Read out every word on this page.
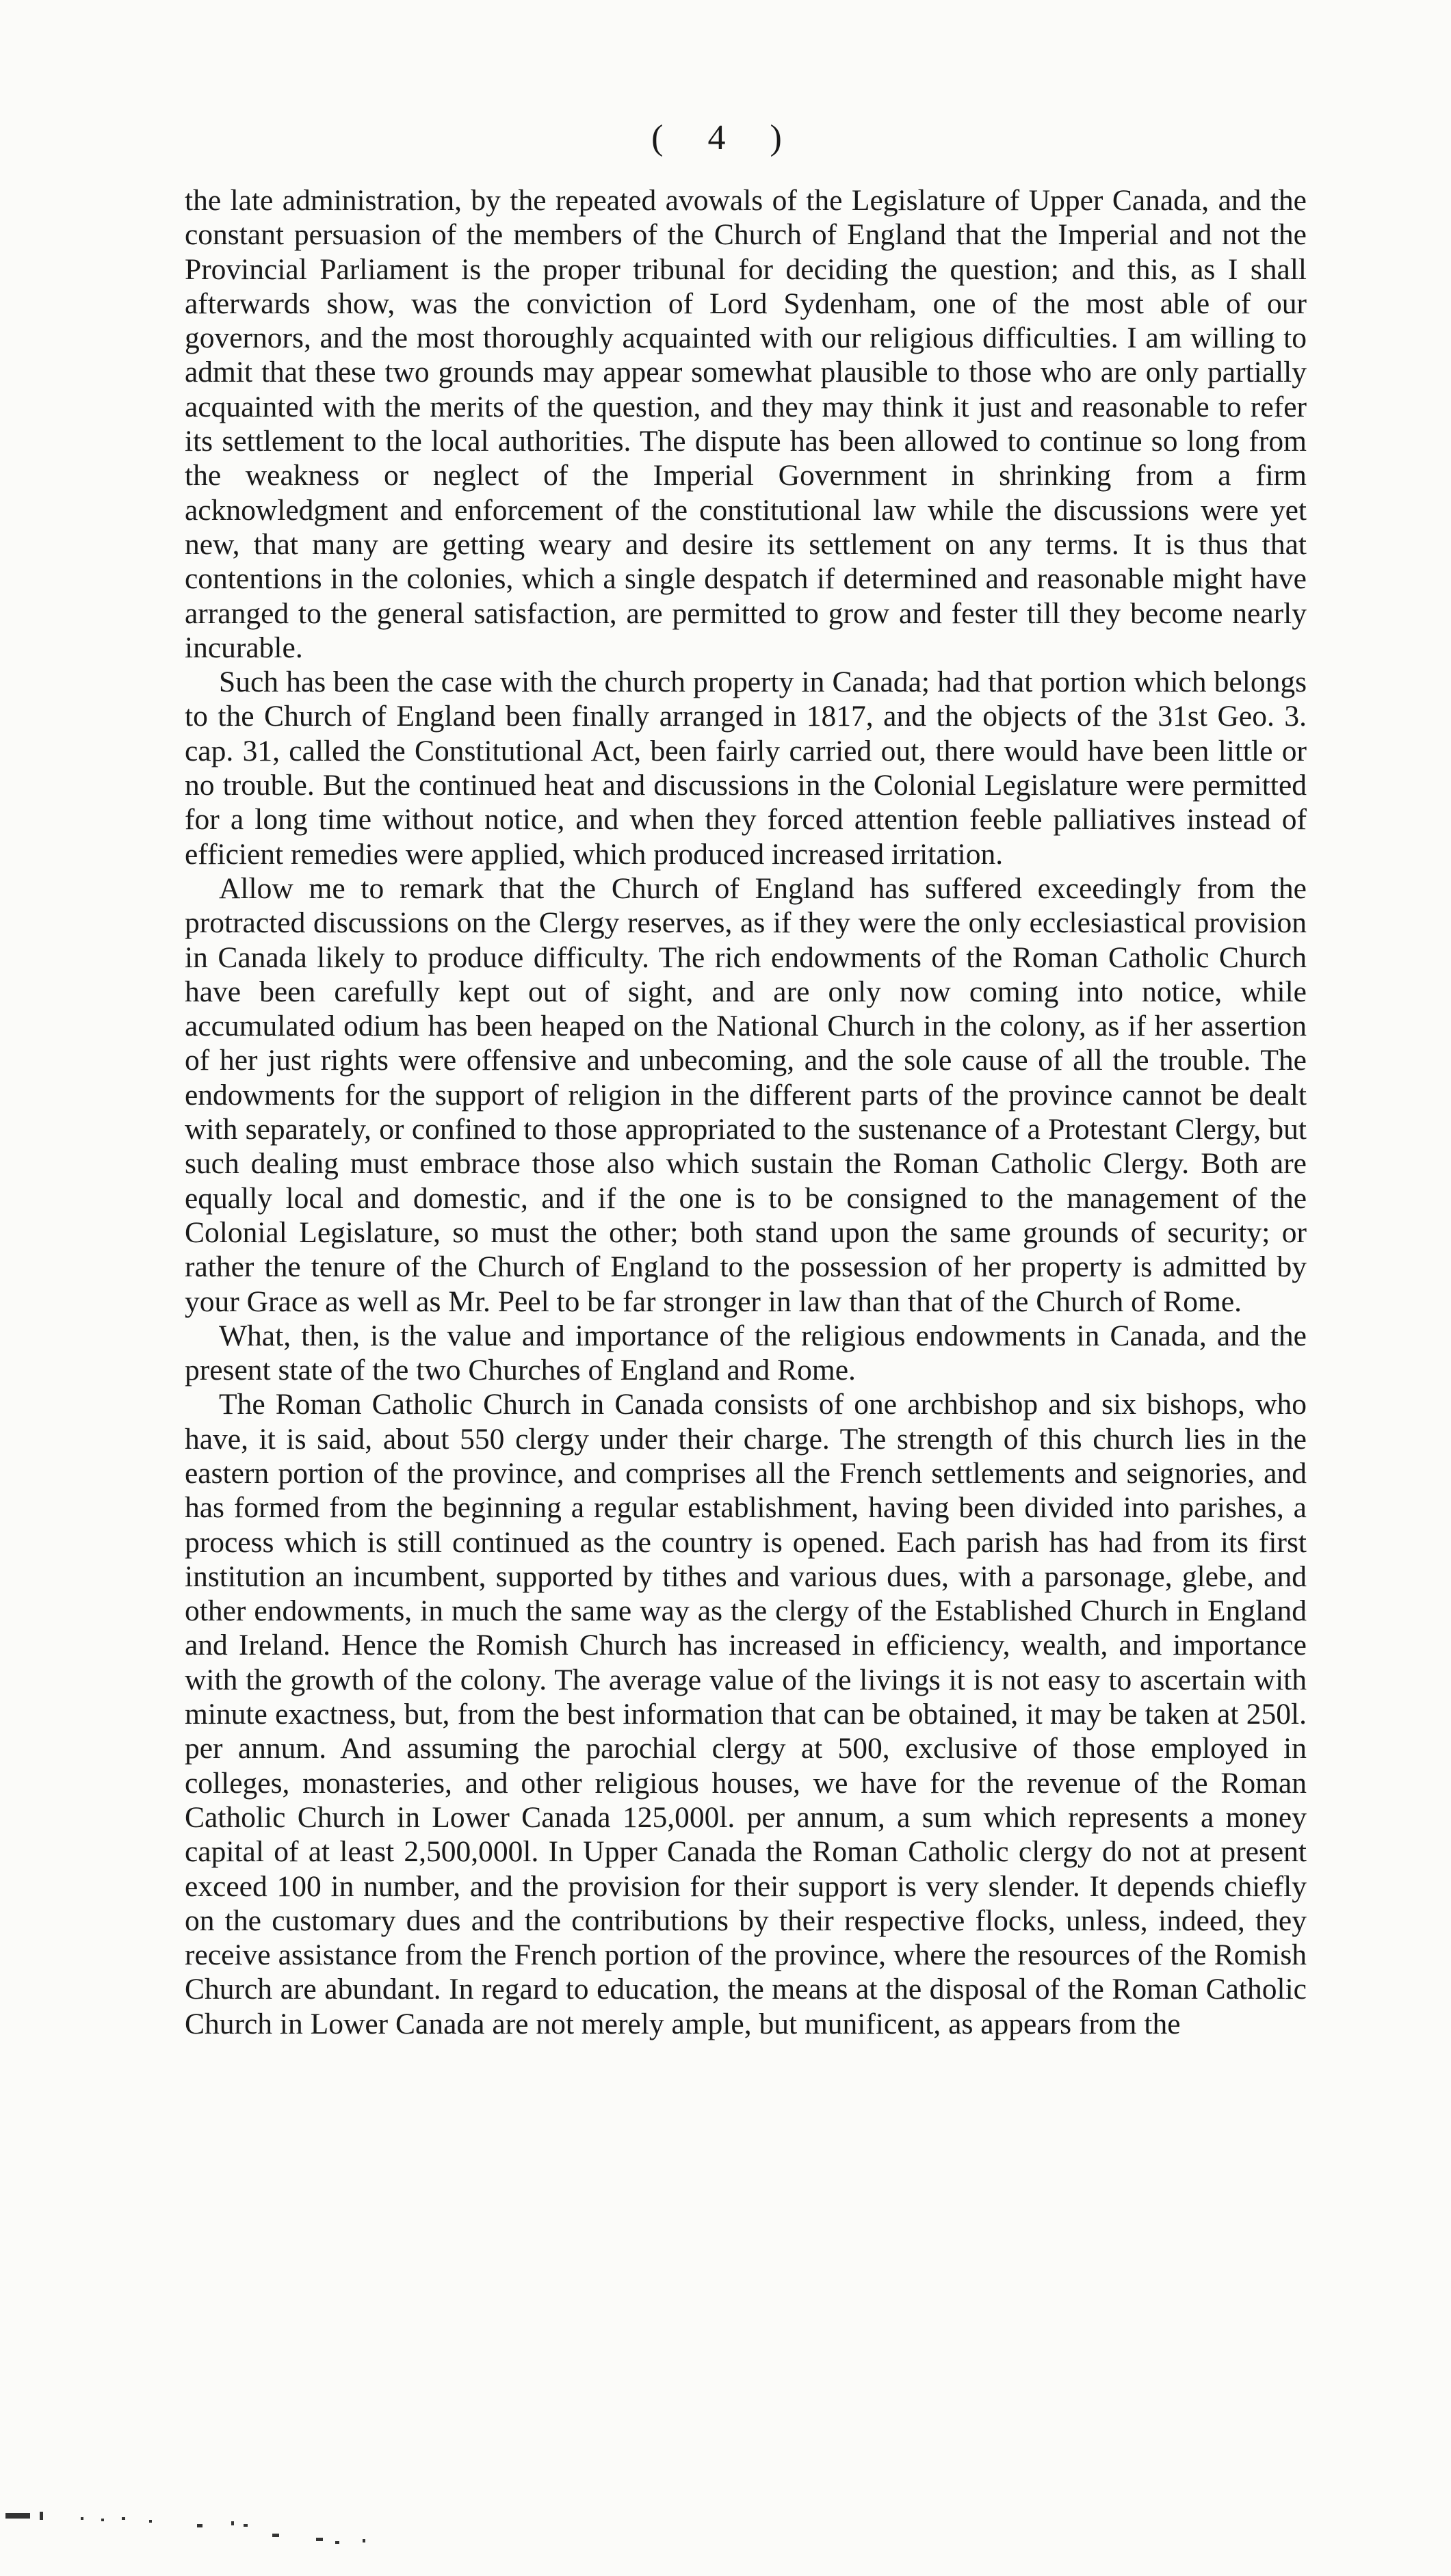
( 4 )

the late administration, by the repeated avowals of the Legislature of Upper Canada, and the constant persuasion of the members of the Church of England that the Imperial and not the Provincial Parliament is the proper tribunal for deciding the question; and this, as I shall afterwards show, was the conviction of Lord Sydenham, one of the most able of our governors, and the most thoroughly acquainted with our religious difficulties. I am willing to admit that these two grounds may appear somewhat plausible to those who are only partially acquainted with the merits of the question, and they may think it just and reasonable to refer its settlement to the local authorities. The dispute has been allowed to continue so long from the weakness or neglect of the Imperial Government in shrinking from a firm acknowledgment and enforcement of the constitutional law while the discussions were yet new, that many are getting weary and desire its settlement on any terms. It is thus that contentions in the colonies, which a single despatch if determined and reasonable might have arranged to the general satisfaction, are permitted to grow and fester till they become nearly incurable.

Such has been the case with the church property in Canada; had that portion which belongs to the Church of England been finally arranged in 1817, and the objects of the 31st Geo. 3. cap. 31, called the Constitutional Act, been fairly carried out, there would have been little or no trouble. But the continued heat and discussions in the Colonial Legislature were permitted for a long time without notice, and when they forced attention feeble palliatives instead of efficient remedies were applied, which produced increased irritation.

Allow me to remark that the Church of England has suffered exceedingly from the protracted discussions on the Clergy reserves, as if they were the only ecclesiastical provision in Canada likely to produce difficulty. The rich endowments of the Roman Catholic Church have been carefully kept out of sight, and are only now coming into notice, while accumulated odium has been heaped on the National Church in the colony, as if her assertion of her just rights were offensive and unbecoming, and the sole cause of all the trouble. The endowments for the support of religion in the different parts of the province cannot be dealt with separately, or confined to those appropriated to the sustenance of a Protestant Clergy, but such dealing must embrace those also which sustain the Roman Catholic Clergy. Both are equally local and domestic, and if the one is to be consigned to the management of the Colonial Legislature, so must the other; both stand upon the same grounds of security; or rather the tenure of the Church of England to the possession of her property is admitted by your Grace as well as Mr. Peel to be far stronger in law than that of the Church of Rome.

What, then, is the value and importance of the religious endowments in Canada, and the present state of the two Churches of England and Rome.

The Roman Catholic Church in Canada consists of one archbishop and six bishops, who have, it is said, about 550 clergy under their charge. The strength of this church lies in the eastern portion of the province, and comprises all the French settlements and seignories, and has formed from the beginning a regular establishment, having been divided into parishes, a process which is still continued as the country is opened. Each parish has had from its first institution an incumbent, supported by tithes and various dues, with a parsonage, glebe, and other endowments, in much the same way as the clergy of the Established Church in England and Ireland. Hence the Romish Church has increased in efficiency, wealth, and importance with the growth of the colony. The average value of the livings it is not easy to ascertain with minute exactness, but, from the best information that can be obtained, it may be taken at 250l. per annum. And assuming the parochial clergy at 500, exclusive of those employed in colleges, monasteries, and other religious houses, we have for the revenue of the Roman Catholic Church in Lower Canada 125,000l. per annum, a sum which represents a money capital of at least 2,500,000l. In Upper Canada the Roman Catholic clergy do not at present exceed 100 in number, and the provision for their support is very slender. It depends chiefly on the customary dues and the contributions by their respective flocks, unless, indeed, they receive assistance from the French portion of the province, where the resources of the Romish Church are abundant. In regard to education, the means at the disposal of the Roman Catholic Church in Lower Canada are not merely ample, but munificent, as appears from the
